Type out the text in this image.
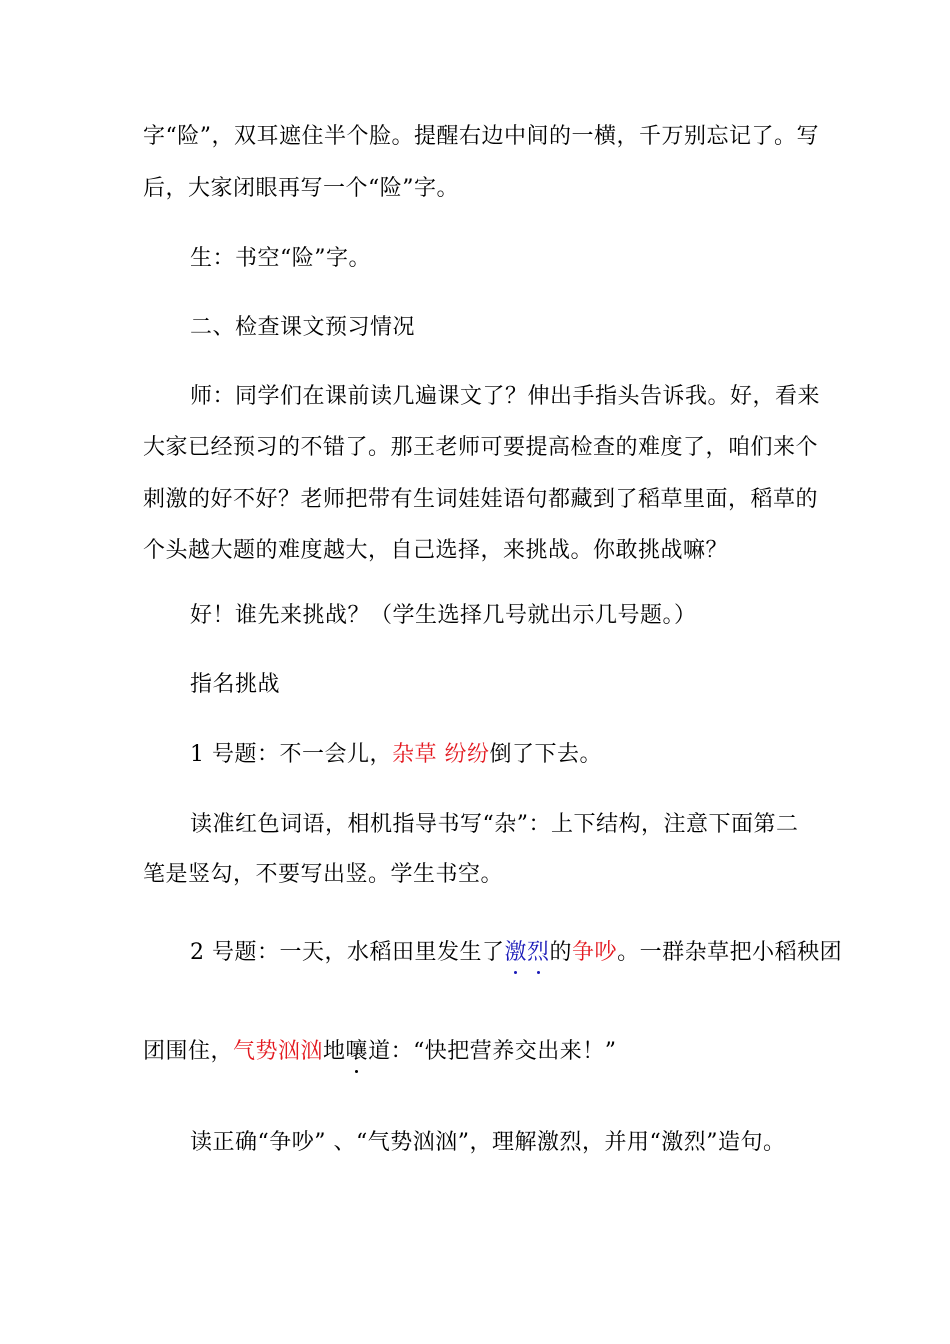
字“险”，双耳遮住半个脸。提醒右边中间的一横，千万别忘记了。写
后，大家闭眼再写一个“险”字。
生：书空“险”字。
二、检查课文预习情况
师：同学们在课前读几遍课文了？伸出手指头告诉我。好，看来
大家已经预习的不错了。那王老师可要提高检查的难度了，咱们来个
刺激的好不好？老师把带有生词娃娃语句都藏到了稻草里面，稻草的
个头越大题的难度越大，自己选择，来挑战。你敢挑战嘛？
好！谁先来挑战？（学生选择几号就出示几号题。）
指名挑战
1 号题：不一会儿，杂草 纷纷倒了下去。
读准红色词语，相机指导书写“杂”：上下结构，注意下面第二
笔是竖勾，不要写出竖。学生书空。
2 号题：一天，水稻田里发生了激烈的争吵。一群杂草把小稻秧团
团围住，气势汹汹地嚷道：“快把营养交出来！”
读正确“争吵” 、“气势汹汹”，理解激烈，并用“激烈”造句。
